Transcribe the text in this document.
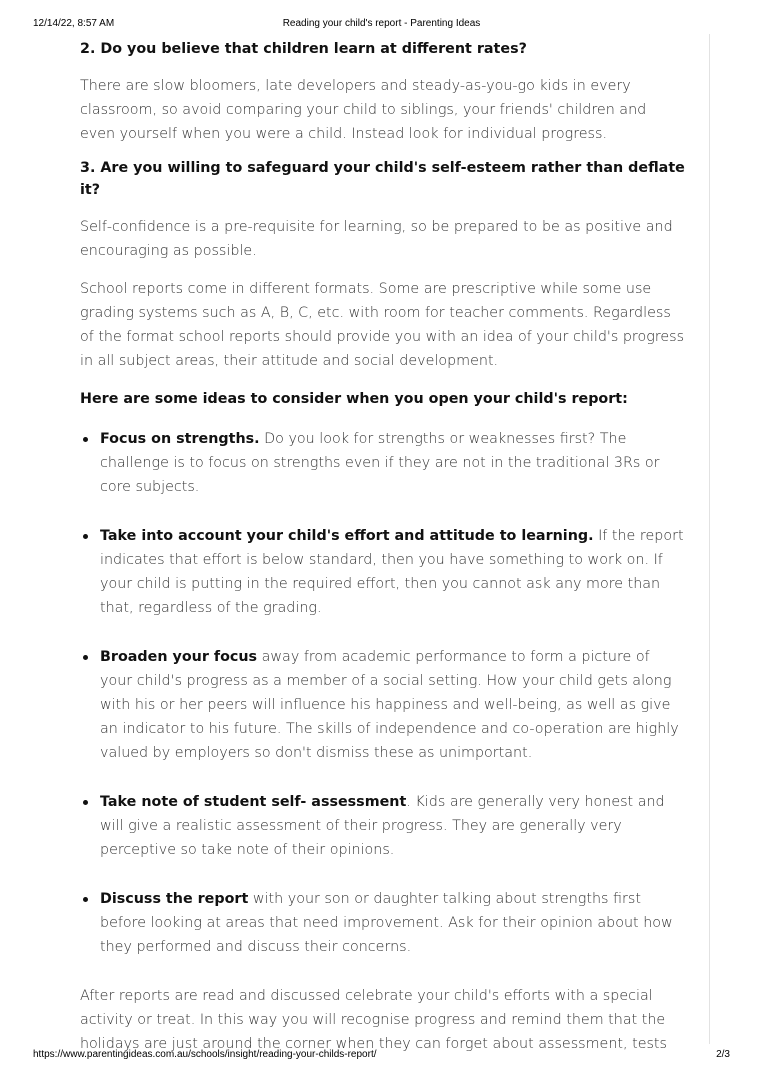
12/14/22, 8:57 AM	Reading your child's report - Parenting Ideas
2. Do you believe that children learn at different rates?

There are slow bloomers, late developers and steady-as-you-go kids in every classroom, so avoid comparing your child to siblings, your friends' children and even yourself when you were a child. Instead look for individual progress.

3. Are you willing to safeguard your child's self-esteem rather than deflate it?

Self-confidence is a pre-requisite for learning, so be prepared to be as positive and encouraging as possible.

School reports come in different formats. Some are prescriptive while some use grading systems such as A, B, C, etc. with room for teacher comments. Regardless of the format school reports should provide you with an idea of your child's progress in all subject areas, their attitude and social development.

Here are some ideas to consider when you open your child's report:

Focus on strengths. Do you look for strengths or weaknesses first? The challenge is to focus on strengths even if they are not in the traditional 3Rs or core subjects.

Take into account your child's effort and attitude to learning. If the report indicates that effort is below standard, then you have something to work on. If your child is putting in the required effort, then you cannot ask any more than that, regardless of the grading.

Broaden your focus away from academic performance to form a picture of your child's progress as a member of a social setting. How your child gets along with his or her peers will influence his happiness and well-being, as well as give an indicator to his future. The skills of independence and co-operation are highly valued by employers so don't dismiss these as unimportant.

Take note of student self- assessment. Kids are generally very honest and will give a realistic assessment of their progress. They are generally very perceptive so take note of their opinions.

Discuss the report with your son or daughter talking about strengths first before looking at areas that need improvement. Ask for their opinion about how they performed and discuss their concerns.

After reports are read and discussed celebrate your child's efforts with a special activity or treat. In this way you will recognise progress and remind them that the holidays are just around the corner when they can forget about assessment, tests

https://www.parentingideas.com.au/schools/insight/reading-your-childs-report/	2/3
